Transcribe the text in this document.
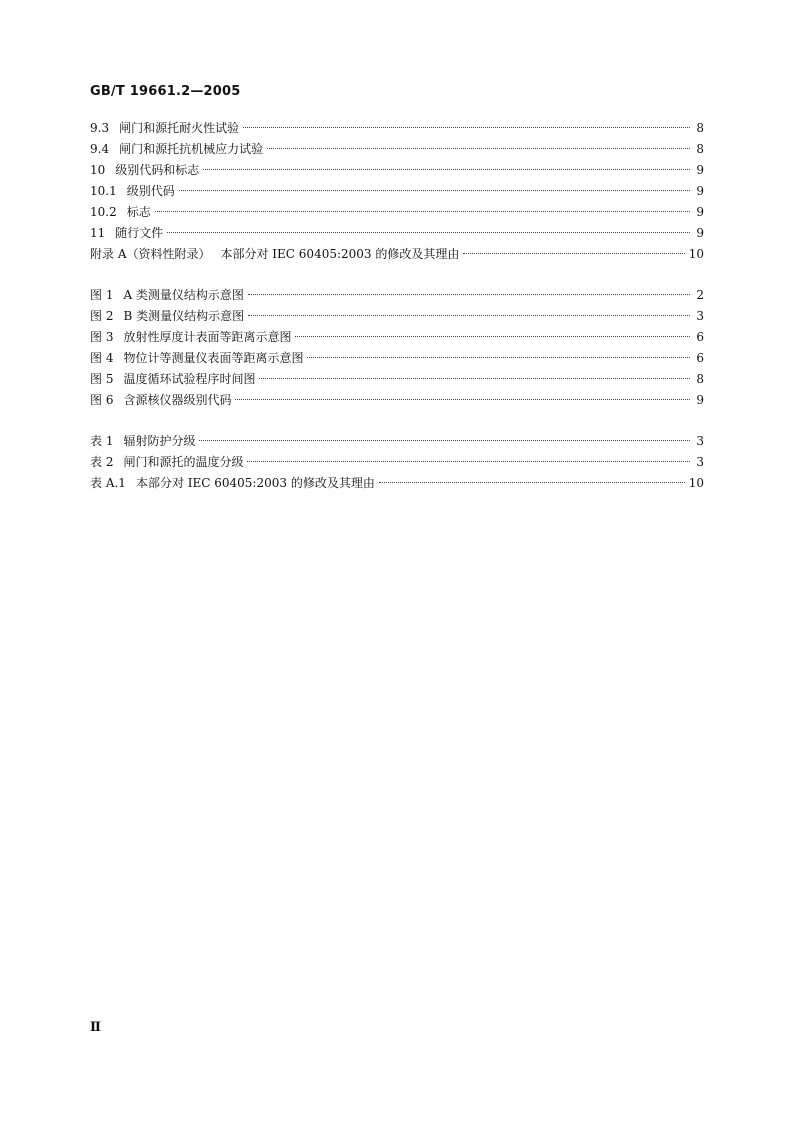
GB/T 19661.2—2005
9.3 闸门和源托耐火性试验	8
9.4 闸门和源托抗机械应力试验	8
10 级别代码和标志	9
10.1 级别代码	9
10.2 标志	9
11 随行文件	9
附录 A（资料性附录） 本部分对 IEC 60405:2003 的修改及其理由	10
图 1 A 类测量仪结构示意图	2
图 2 B 类测量仪结构示意图	3
图 3 放射性厚度计表面等距离示意图	6
图 4 物位计等测量仪表面等距离示意图	6
图 5 温度循环试验程序时间图	8
图 6 含源核仪器级别代码	9
表 1 辐射防护分级	3
表 2 闸门和源托的温度分级	3
表 A.1 本部分对 IEC 60405:2003 的修改及其理由	10
Ⅱ
